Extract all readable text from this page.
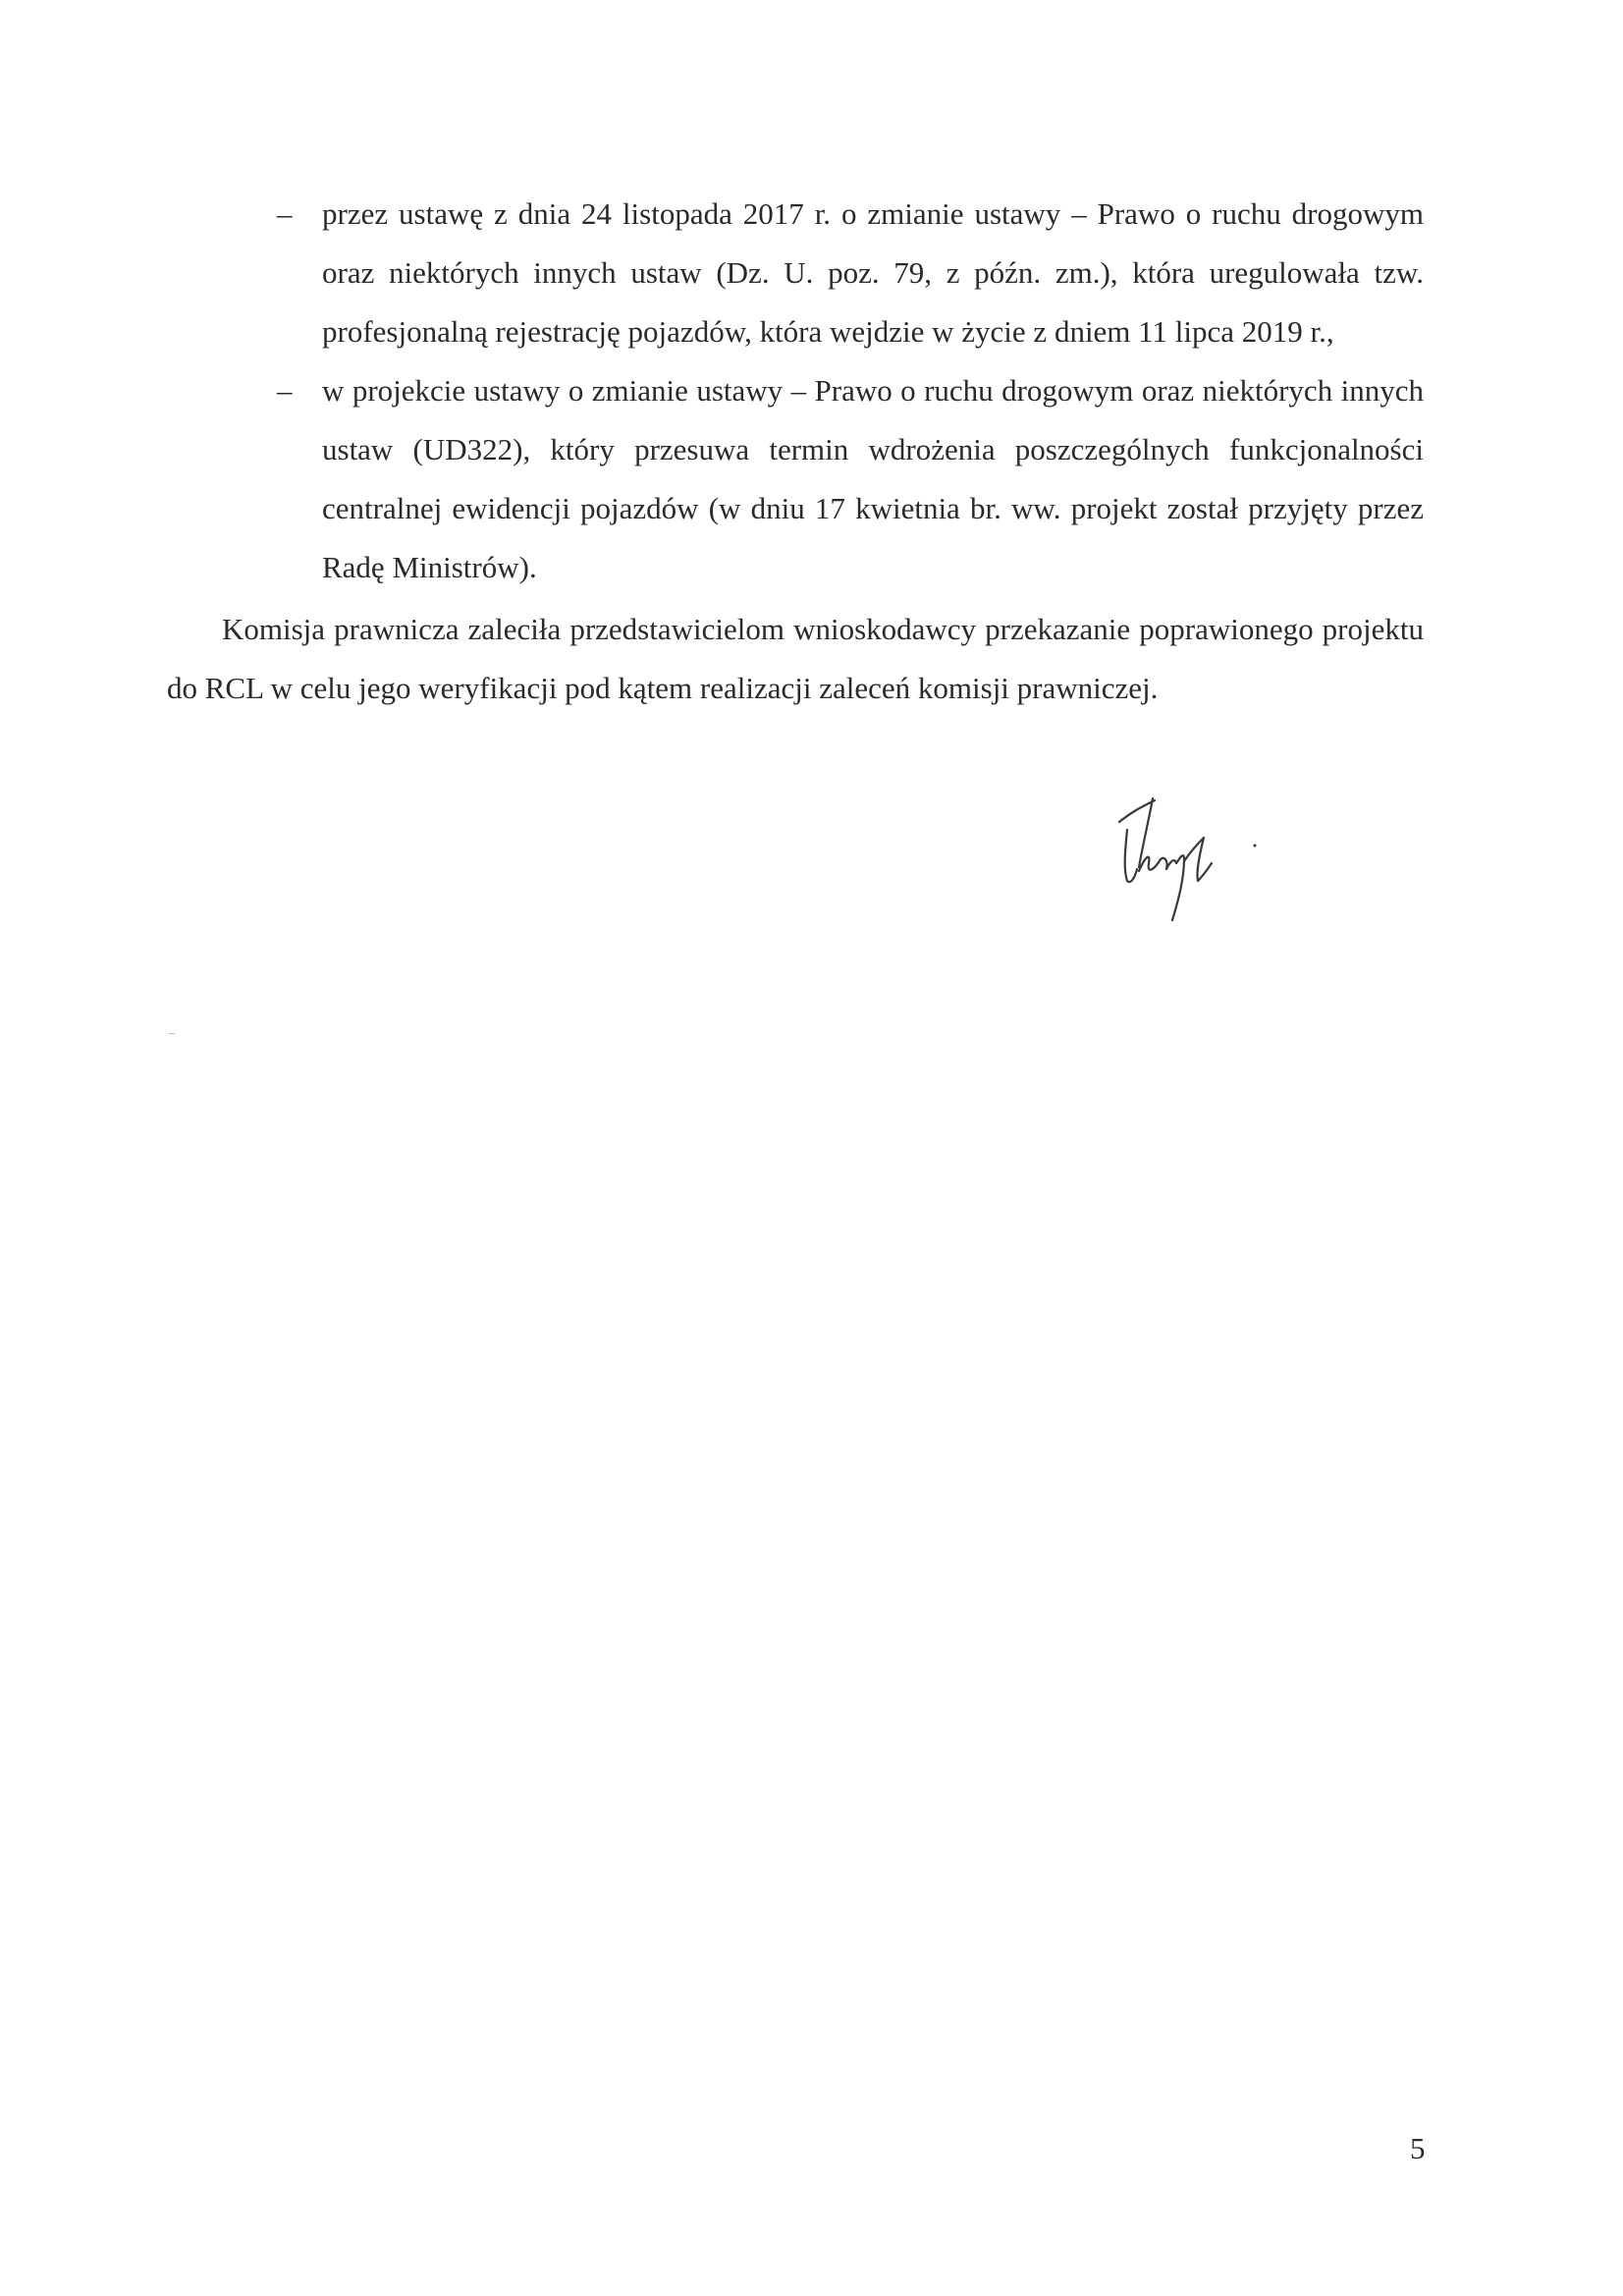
– przez ustawę z dnia 24 listopada 2017 r. o zmianie ustawy – Prawo o ruchu drogowym oraz niektórych innych ustaw (Dz. U. poz. 79, z późn. zm.), która uregulowała tzw. profesjonalną rejestrację pojazdów, która wejdzie w życie z dniem 11 lipca 2019 r.,
– w projekcie ustawy o zmianie ustawy – Prawo o ruchu drogowym oraz niektórych innych ustaw (UD322), który przesuwa termin wdrożenia poszczególnych funkcjonalności centralnej ewidencji pojazdów (w dniu 17 kwietnia br. ww. projekt został przyjęty przez Radę Ministrów).

Komisja prawnicza zaleciła przedstawicielom wnioskodawcy przekazanie poprawionego projektu do RCL w celu jego weryfikacji pod kątem realizacji zaleceń komisji prawniczej.

5
